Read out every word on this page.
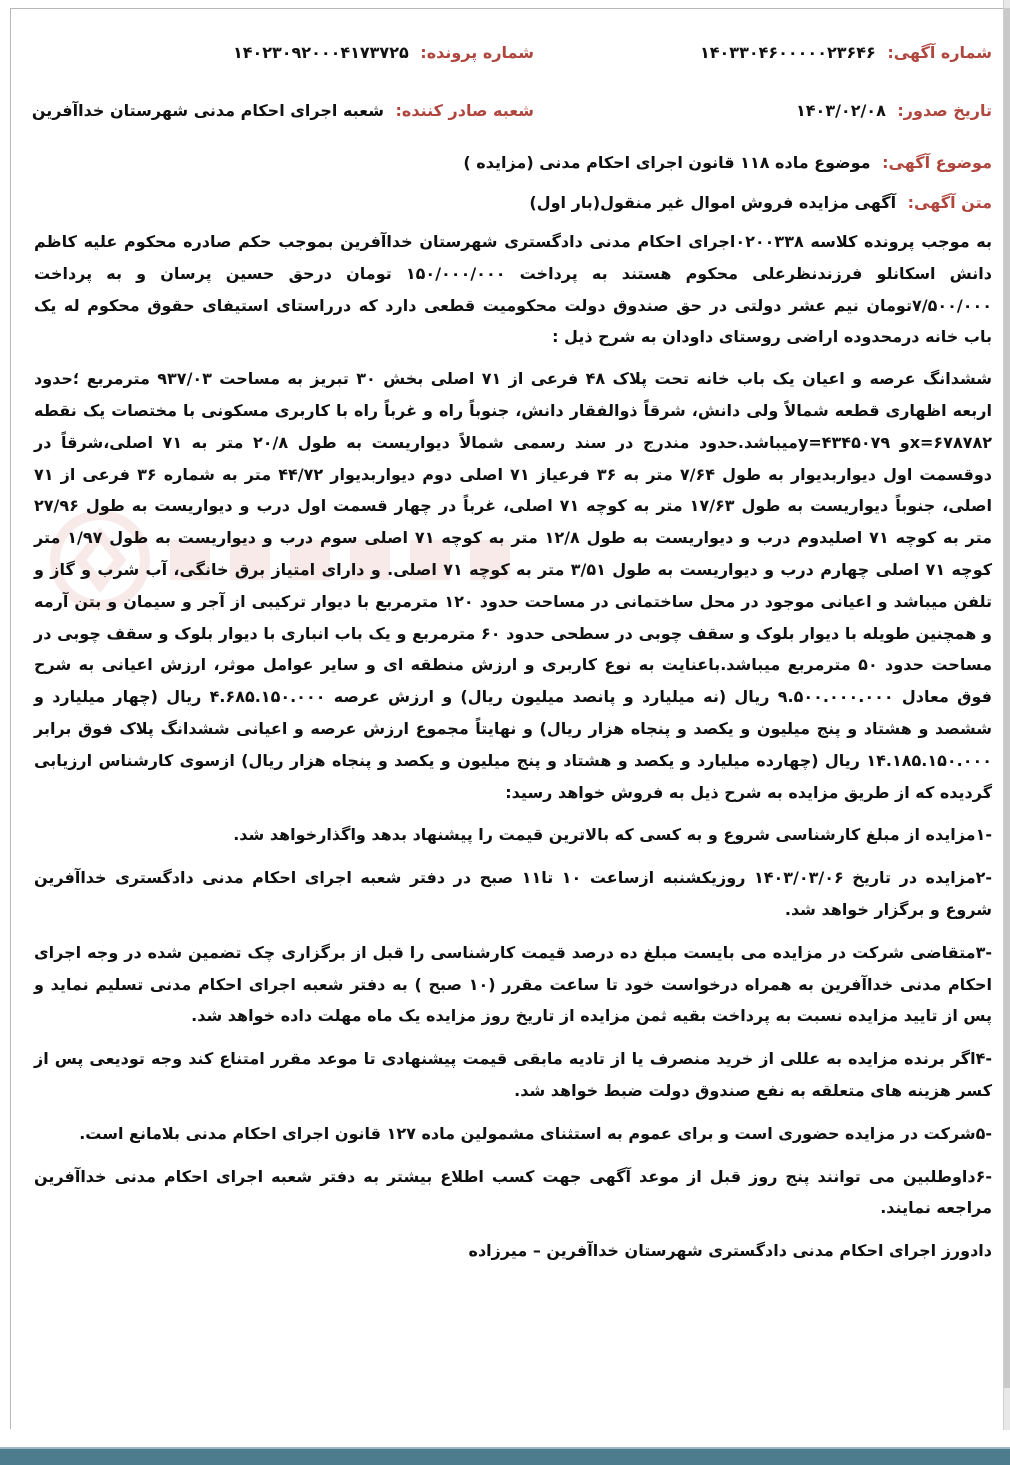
شماره آگهی: ۱۴۰۳۳۰۴۶۰۰۰۰۰۲۳۶۴۶
شماره پرونده: ۱۴۰۲۳۰۹۲۰۰۰۴۱۷۳۷۲۵
تاریخ صدور: ۱۴۰۳/۰۲/۰۸
شعبه صادر کننده: شعبه اجرای احکام مدنی شهرستان خداآفرین
موضوع آگهی: موضوع ماده ۱۱۸ قانون اجرای احکام مدنی (مزایده )
متن آگهی: آگهی مزایده فروش اموال غیر منقول(بار اول)
به موجب پرونده کلاسه ۰۲۰۰۳۳۸اجرای احکام مدنی دادگستری شهرستان خداآفرین بموجب حکم صادره محکوم علیه کاظم دانش اسکانلو فرزندنظرعلی محکوم هستند به پرداخت ۱۵۰/۰۰۰/۰۰۰ تومان درحق حسین پرسان و به پرداخت ۷/۵۰۰/۰۰۰تومان نیم عشر دولتی در حق صندوق دولت محکومیت قطعی دارد که درراستای استیفای حقوق محکوم له یک باب خانه درمحدوده اراضی روستای داودان به شرح ذیل :
ششدانگ عرصه و اعیان یک باب خانه تحت پلاک ۴۸ فرعی از ۷۱ اصلی بخش ۳۰ تبریز به مساحت ۹۳۷/۰۳ مترمربع ؛حدود اربعه اظهاری قطعه شمالاً ولی دانش، شرقاً ذوالفقار دانش، جنوباً راه و غرباً راه با کاربری مسکونی با مختصات یک نقطه x=۶۷۸۷۸۲و y=۴۳۴۵۰۷۹میباشد.حدود مندرج در سند رسمی شمالاً دیواریست به طول ۲۰/۸ متر به ۷۱ اصلی،شرقاً در دوقسمت اول دیواربدیوار به طول ۷/۶۴ متر به ۳۶ فرعیاز ۷۱ اصلی دوم دیواربدیوار ۴۴/۷۲ متر به شماره ۳۶ فرعی از ۷۱ اصلی، جنوباً دیواریست به طول ۱۷/۶۳ متر به کوچه ۷۱ اصلی، غرباً در چهار قسمت اول درب و دیواریست به طول ۲۷/۹۶ متر به کوچه ۷۱ اصلیدوم درب و دیواریست به طول ۱۲/۸ متر به کوچه ۷۱ اصلی سوم درب و دیواریست به طول ۱/۹۷ متر کوچه ۷۱ اصلی چهارم درب و دیواریست به طول ۳/۵۱ متر به کوچه ۷۱ اصلی. و دارای امتیاز برق خانگی، آب شرب و گاز و تلفن میباشد و اعیانی موجود در محل ساختمانی در مساحت حدود ۱۲۰ مترمربع با دیوار ترکیبی از آجر و سیمان و بتن آرمه و همچنین طویله با دیوار بلوک و سقف چوبی در سطحی حدود ۶۰ مترمربع و یک باب انباری با دیوار بلوک و سقف چوبی در مساحت حدود ۵۰ مترمربع میباشد.باعنایت به نوع کاربری و ارزش منطقه ای و سایر عوامل موثر، ارزش اعیانی به شرح فوق معادل ۹.۵۰۰.۰۰۰.۰۰۰ ریال (نه میلیارد و پانصد میلیون ریال) و ارزش عرصه ۴.۶۸۵.۱۵۰.۰۰۰ ریال (چهار میلیارد و ششصد و هشتاد و پنج میلیون و یکصد و پنجاه هزار ریال) و نهایتاً مجموع ارزش عرصه و اعیانی ششدانگ پلاک فوق برابر ۱۴.۱۸۵.۱۵۰.۰۰۰ ریال (چهارده میلیارد و یکصد و هشتاد و پنج میلیون و یکصد و پنجاه هزار ریال) ازسوی کارشناس ارزیابی گردیده که از طریق مزایده به شرح ذیل به فروش خواهد رسید:
-۱مزایده از مبلغ کارشناسی شروع و به کسی که بالاترین قیمت را پیشنهاد بدهد واگذارخواهد شد.
-۲مزایده در تاریخ ۱۴۰۳/۰۳/۰۶ روزیکشنبه ازساعت ۱۰ تا۱۱ صبح در دفتر شعبه اجرای احکام مدنی دادگستری خداآفرین شروع و برگزار خواهد شد.
-۳متقاضی شرکت در مزایده می بایست مبلغ ده درصد قیمت کارشناسی را قبل از برگزاری چک تضمین شده در وجه اجرای احکام مدنی خداآفرین به همراه درخواست خود تا ساعت مقرر (۱۰ صبح ) به دفتر شعبه اجرای احکام مدنی تسلیم نماید و پس از تایید مزایده نسبت به پرداخت بقیه ثمن مزایده از تاریخ روز مزایده یک ماه مهلت داده خواهد شد.
-۴اگر برنده مزایده به عللی از خرید منصرف یا از تادیه مابقی قیمت پیشنهادی تا موعد مقرر امتناع کند وجه تودیعی پس از کسر هزینه های متعلقه به نفع صندوق دولت ضبط خواهد شد.
-۵شرکت در مزایده حضوری است و برای عموم به استثنای مشمولین ماده ۱۲۷ قانون اجرای احکام مدنی بلامانع است.
-۶داوطلبین می توانند پنج روز قبل از موعد آگهی جهت کسب اطلاع بیشتر به دفتر شعبه اجرای احکام مدنی خداآفرین مراجعه نمایند.
دادورز اجرای احکام مدنی دادگستری شهرستان خداآفرین – میرزاده
